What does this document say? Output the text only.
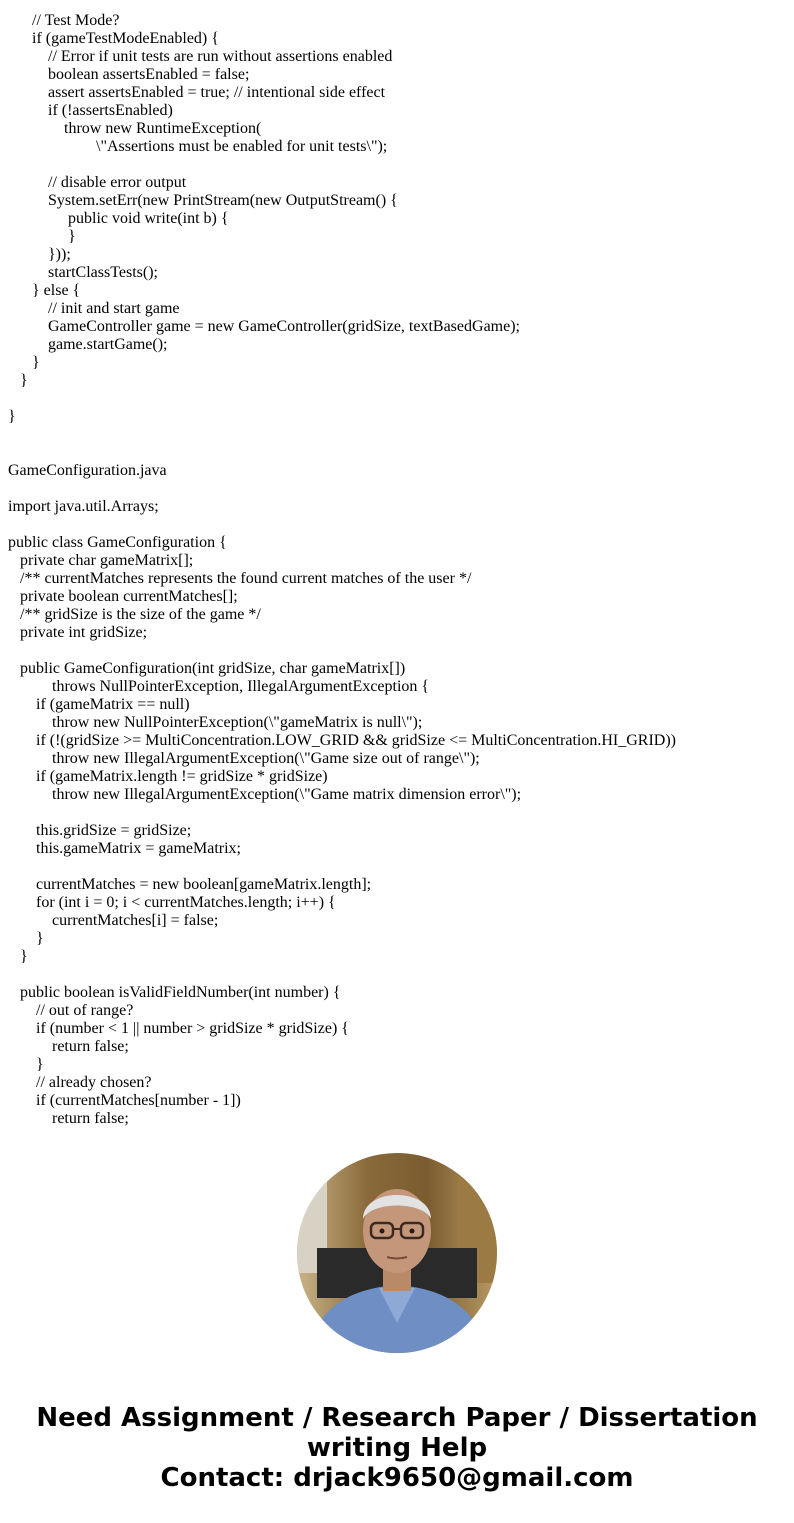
// Test Mode?
if (gameTestModeEnabled) {
// Error if unit tests are run without assertions enabled
boolean assertsEnabled = false;
assert assertsEnabled = true; // intentional side effect
if (!assertsEnabled)
throw new RuntimeException(
\"Assertions must be enabled for unit tests\");
// disable error output
System.setErr(new PrintStream(new OutputStream() {
public void write(int b) {
}
}));
startClassTests();
} else {
// init and start game
GameController game = new GameController(gridSize, textBasedGame);
game.startGame();
}
}
}
GameConfiguration.java
import java.util.Arrays;
public class GameConfiguration {
private char gameMatrix[];
/** currentMatches represents the found current matches of the user */
private boolean currentMatches[];
/** gridSize is the size of the game */
private int gridSize;
public GameConfiguration(int gridSize, char gameMatrix[])
throws NullPointerException, IllegalArgumentException {
if (gameMatrix == null)
throw new NullPointerException(\"gameMatrix is null\");
if (!(gridSize >= MultiConcentration.LOW_GRID && gridSize <= MultiConcentration.HI_GRID))
throw new IllegalArgumentException(\"Game size out of range\");
if (gameMatrix.length != gridSize * gridSize)
throw new IllegalArgumentException(\"Game matrix dimension error\");
this.gridSize = gridSize;
this.gameMatrix = gameMatrix;
currentMatches = new boolean[gameMatrix.length];
for (int i = 0; i < currentMatches.length; i++) {
currentMatches[i] = false;
}
}
public boolean isValidFieldNumber(int number) {
// out of range?
if (number < 1 || number > gridSize * gridSize) {
return false;
}
// already chosen?
if (currentMatches[number - 1])
return false;
Need Assignment / Research Paper / Dissertation
writing Help
Contact: drjack9650@gmail.com
